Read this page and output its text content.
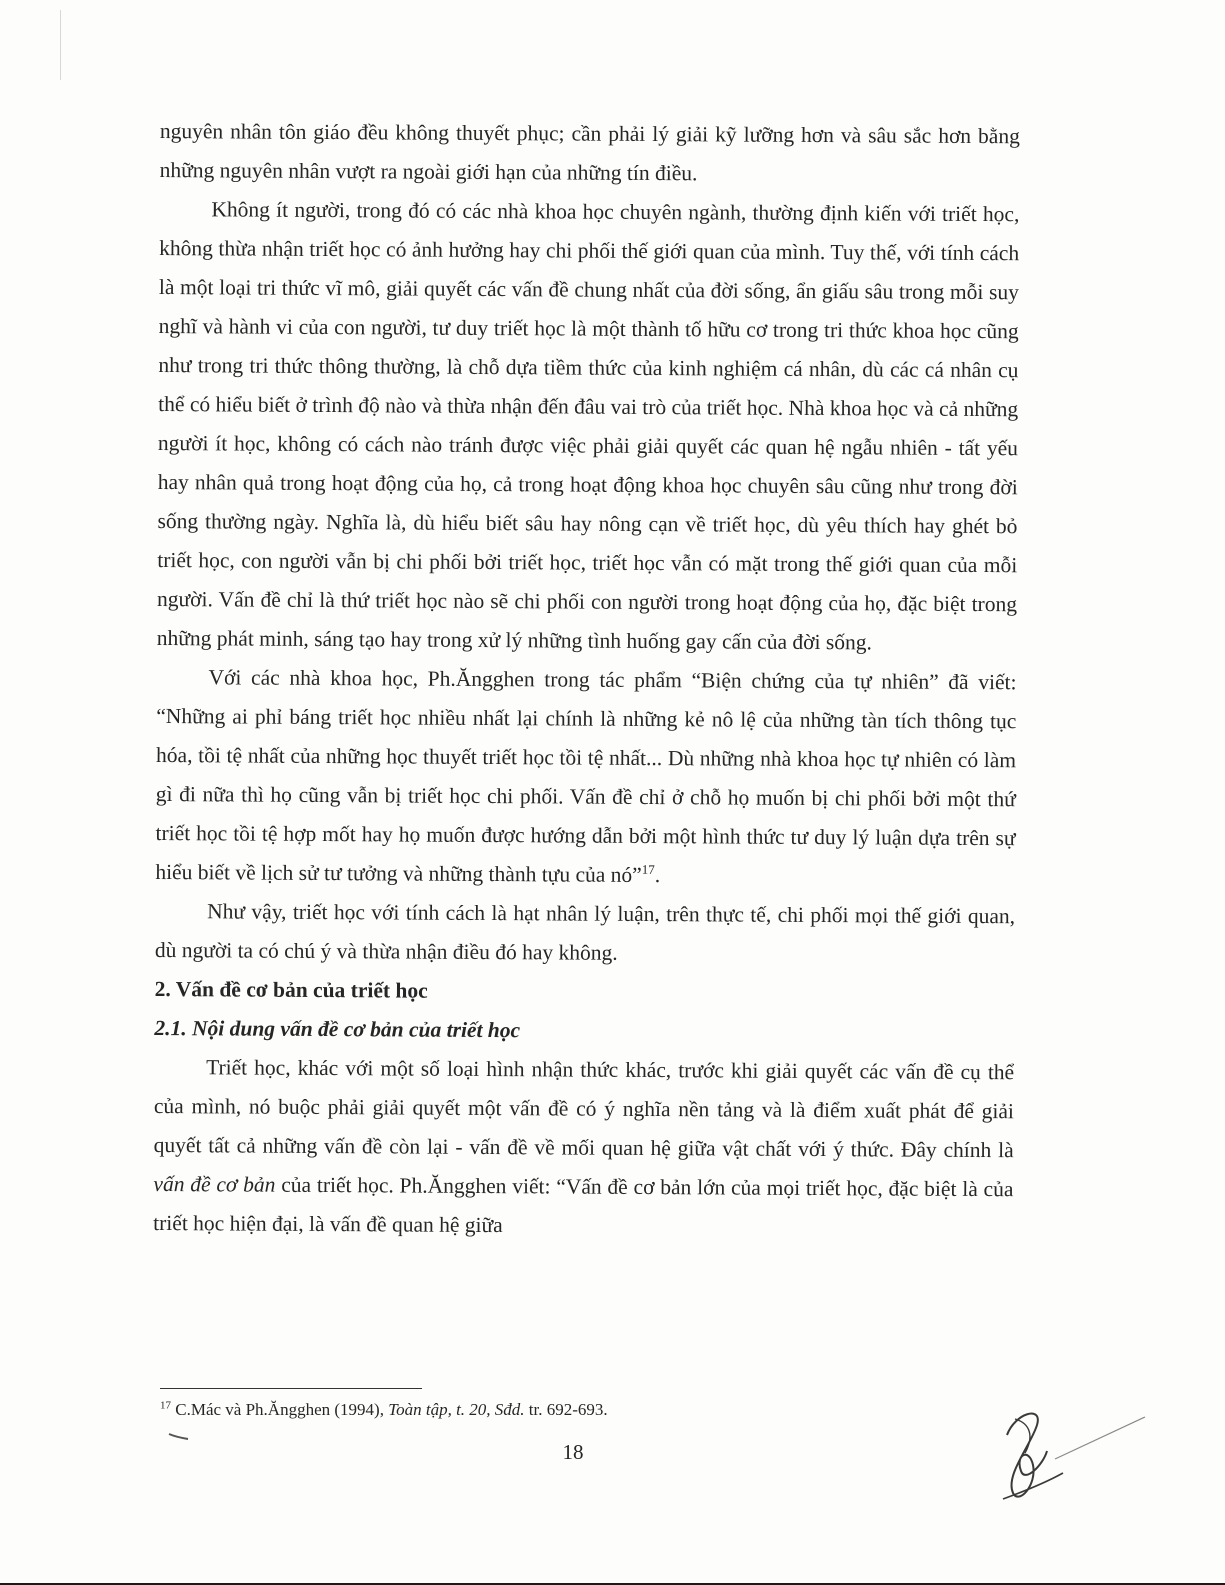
nguyên nhân tôn giáo đều không thuyết phục; cần phải lý giải kỹ lưỡng hơn và sâu sắc hơn bằng những nguyên nhân vượt ra ngoài giới hạn của những tín điều.

Không ít người, trong đó có các nhà khoa học chuyên ngành, thường định kiến với triết học, không thừa nhận triết học có ảnh hưởng hay chi phối thế giới quan của mình. Tuy thế, với tính cách là một loại tri thức vĩ mô, giải quyết các vấn đề chung nhất của đời sống, ẩn giấu sâu trong mỗi suy nghĩ và hành vi của con người, tư duy triết học là một thành tố hữu cơ trong tri thức khoa học cũng như trong tri thức thông thường, là chỗ dựa tiềm thức của kinh nghiệm cá nhân, dù các cá nhân cụ thể có hiểu biết ở trình độ nào và thừa nhận đến đâu vai trò của triết học. Nhà khoa học và cả những người ít học, không có cách nào tránh được việc phải giải quyết các quan hệ ngẫu nhiên - tất yếu hay nhân quả trong hoạt động của họ, cả trong hoạt động khoa học chuyên sâu cũng như trong đời sống thường ngày. Nghĩa là, dù hiểu biết sâu hay nông cạn về triết học, dù yêu thích hay ghét bỏ triết học, con người vẫn bị chi phối bởi triết học, triết học vẫn có mặt trong thế giới quan của mỗi người. Vấn đề chỉ là thứ triết học nào sẽ chi phối con người trong hoạt động của họ, đặc biệt trong những phát minh, sáng tạo hay trong xử lý những tình huống gay cấn của đời sống.

Với các nhà khoa học, Ph.Ăngghen trong tác phẩm “Biện chứng của tự nhiên” đã viết: “Những ai phỉ báng triết học nhiều nhất lại chính là những kẻ nô lệ của những tàn tích thông tục hóa, tồi tệ nhất của những học thuyết triết học tồi tệ nhất... Dù những nhà khoa học tự nhiên có làm gì đi nữa thì họ cũng vẫn bị triết học chi phối. Vấn đề chỉ ở chỗ họ muốn bị chi phối bởi một thứ triết học tồi tệ hợp mốt hay họ muốn được hướng dẫn bởi một hình thức tư duy lý luận dựa trên sự hiểu biết về lịch sử tư tưởng và những thành tựu của nó”$^{17}$.

Như vậy, triết học với tính cách là hạt nhân lý luận, trên thực tế, chi phối mọi thế giới quan, dù người ta có chú ý và thừa nhận điều đó hay không.

2. Vấn đề cơ bản của triết học

2.1. Nội dung vấn đề cơ bản của triết học

Triết học, khác với một số loại hình nhận thức khác, trước khi giải quyết các vấn đề cụ thể của mình, nó buộc phải giải quyết một vấn đề có ý nghĩa nền tảng và là điểm xuất phát để giải quyết tất cả những vấn đề còn lại - vấn đề về mối quan hệ giữa vật chất với ý thức. Đây chính là vấn đề cơ bản của triết học. Ph.Ăngghen viết: “Vấn đề cơ bản lớn của mọi triết học, đặc biệt là của triết học hiện đại, là vấn đề quan hệ giữa

$^{17}$ C.Mác và Ph.Ăngghen (1994), Toàn tập, t. 20, Sđd. tr. 692-693.
18
